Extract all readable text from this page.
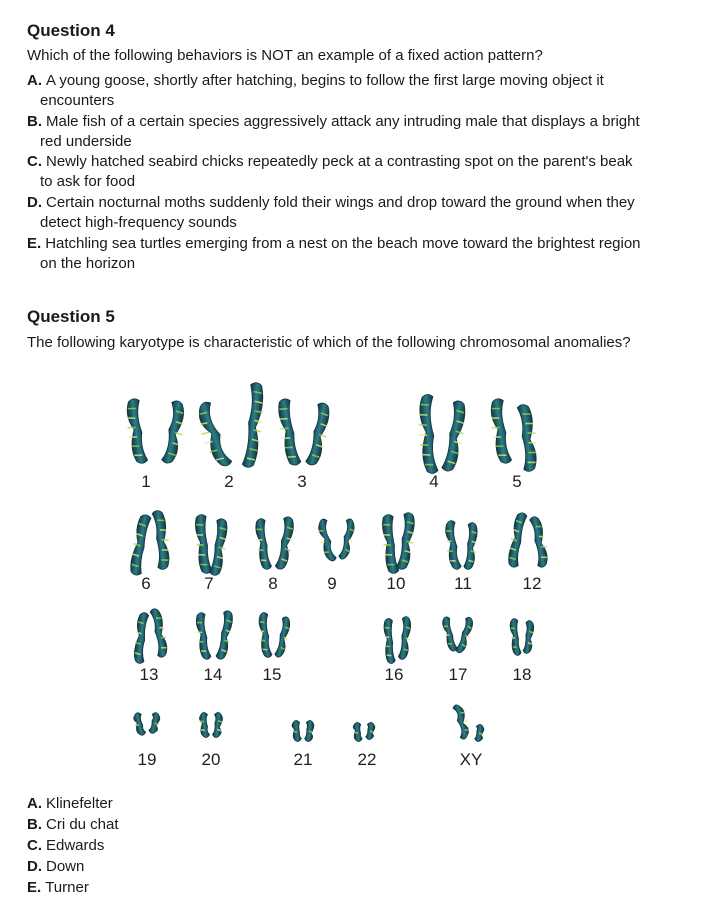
Question 4
Which of the following behaviors is NOT an example of a fixed action pattern?
A. A young goose, shortly after hatching, begins to follow the first large moving object it
encounters
B. Male fish of a certain species aggressively attack any intruding male that displays a bright
red underside
C. Newly hatched seabird chicks repeatedly peck at a contrasting spot on the parent's beak
to ask for food
D. Certain nocturnal moths suddenly fold their wings and drop toward the ground when they
detect high-frequency sounds
E. Hatchling sea turtles emerging from a nest on the beach move toward the brightest region
on the horizon
Question 5
The following karyotype is characteristic of which of the following chromosomal anomalies?
1	2	3	4	5
6	7	8	9	10	11	12
13	14 15	16	17	18
19	20	21	22	XY
A. Klinefelter
B. Cri du chat
C. Edwards
D. Down
E. Turner
